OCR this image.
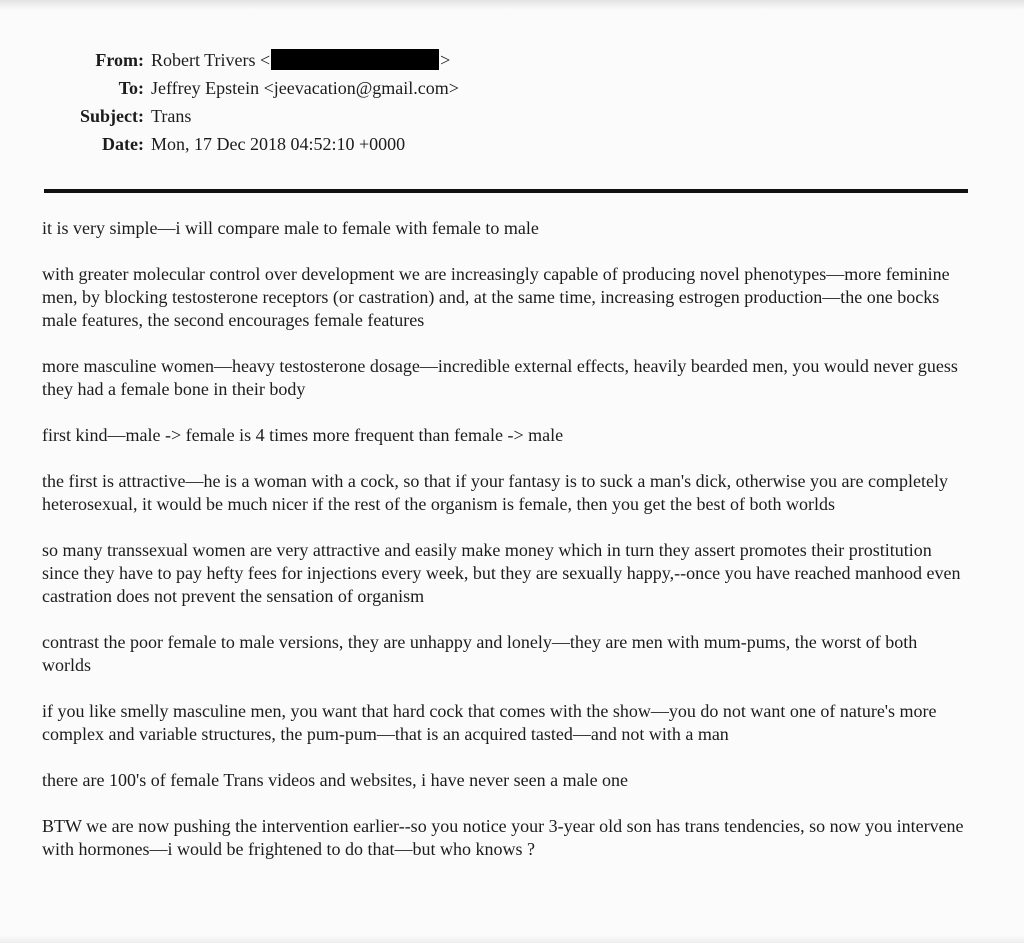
From: Robert Trivers <	>
To: Jeffrey Epstein <jeevacation@gmail.com>
Subject: Trans
Date: Mon, 17 Dec 2018 04:52:10 +0000

it is very simple—i will compare male to female with female to male

with greater molecular control over development we are increasingly capable of producing novel phenotypes—more feminine men, by blocking testosterone receptors (or castration) and, at the same time, increasing estrogen production—the one bocks male features, the second encourages female features

more masculine women—heavy testosterone dosage—incredible external effects, heavily bearded men, you would never guess they had a female bone in their body

first kind—male -> female is 4 times more frequent than female -> male

the first is attractive—he is a woman with a cock, so that if your fantasy is to suck a man's dick, otherwise you are completely heterosexual, it would be much nicer if the rest of the organism is female, then you get the best of both worlds

so many transsexual women are very attractive and easily make money which in turn they assert promotes their prostitution since they have to pay hefty fees for injections every week, but they are sexually happy,--once you have reached manhood even castration does not prevent the sensation of organism

contrast the poor female to male versions, they are unhappy and lonely—they are men with mum-pums, the worst of both worlds

if you like smelly masculine men, you want that hard cock that comes with the show—you do not want one of nature's more complex and variable structures, the pum-pum—that is an acquired tasted—and not with a man

there are 100's of female Trans videos and websites, i have never seen a male one

BTW we are now pushing the intervention earlier--so you notice your 3-year old son has trans tendencies, so now you intervene with hormones—i would be frightened to do that—but who knows ?
